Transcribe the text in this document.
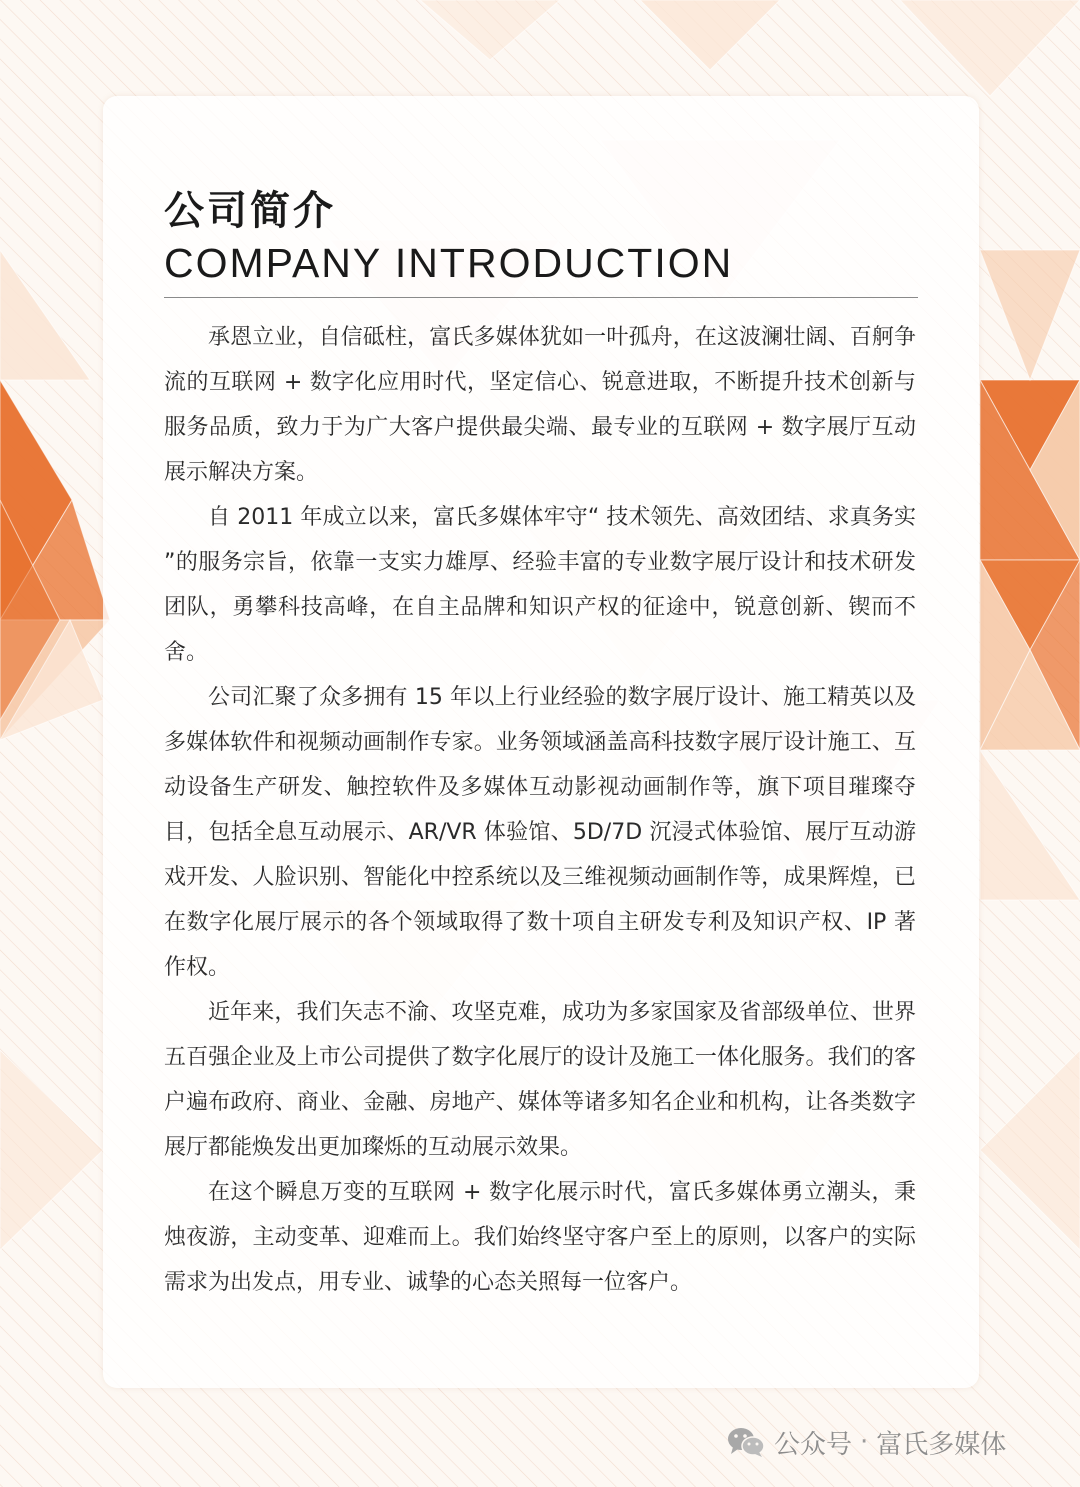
公司简介
COMPANY INTRODUCTION

承恩立业，自信砥柱，富氏多媒体犹如一叶孤舟，在这波澜壮阔、百舸争流的互联网 + 数字化应用时代，坚定信心、锐意进取，不断提升技术创新与服务品质，致力于为广大客户提供最尖端、最专业的互联网 + 数字展厅互动展示解决方案。

自 2011 年成立以来，富氏多媒体牢守“ 技术领先、高效团结、求真务实 ”的服务宗旨，依靠一支实力雄厚、经验丰富的专业数字展厅设计和技术研发团队，勇攀科技高峰，在自主品牌和知识产权的征途中，锐意创新、锲而不舍。

公司汇聚了众多拥有 15 年以上行业经验的数字展厅设计、施工精英以及多媒体软件和视频动画制作专家。业务领域涵盖高科技数字展厅设计施工、互动设备生产研发、触控软件及多媒体互动影视动画制作等，旗下项目璀璨夺目，包括全息互动展示、AR/VR 体验馆、5D/7D 沉浸式体验馆、展厅互动游戏开发、人脸识别、智能化中控系统以及三维视频动画制作等，成果辉煌，已在数字化展厅展示的各个领域取得了数十项自主研发专利及知识产权、IP 著作权。

近年来，我们矢志不渝、攻坚克难，成功为多家国家及省部级单位、世界五百强企业及上市公司提供了数字化展厅的设计及施工一体化服务。我们的客户遍布政府、商业、金融、房地产、媒体等诸多知名企业和机构，让各类数字展厅都能焕发出更加璨烁的互动展示效果。

在这个瞬息万变的互联网 + 数字化展示时代，富氏多媒体勇立潮头，秉烛夜游，主动变革、迎难而上。我们始终坚守客户至上的原则，以客户的实际需求为出发点，用专业、诚挚的心态关照每一位客户。

公众号 · 富氏多媒体
